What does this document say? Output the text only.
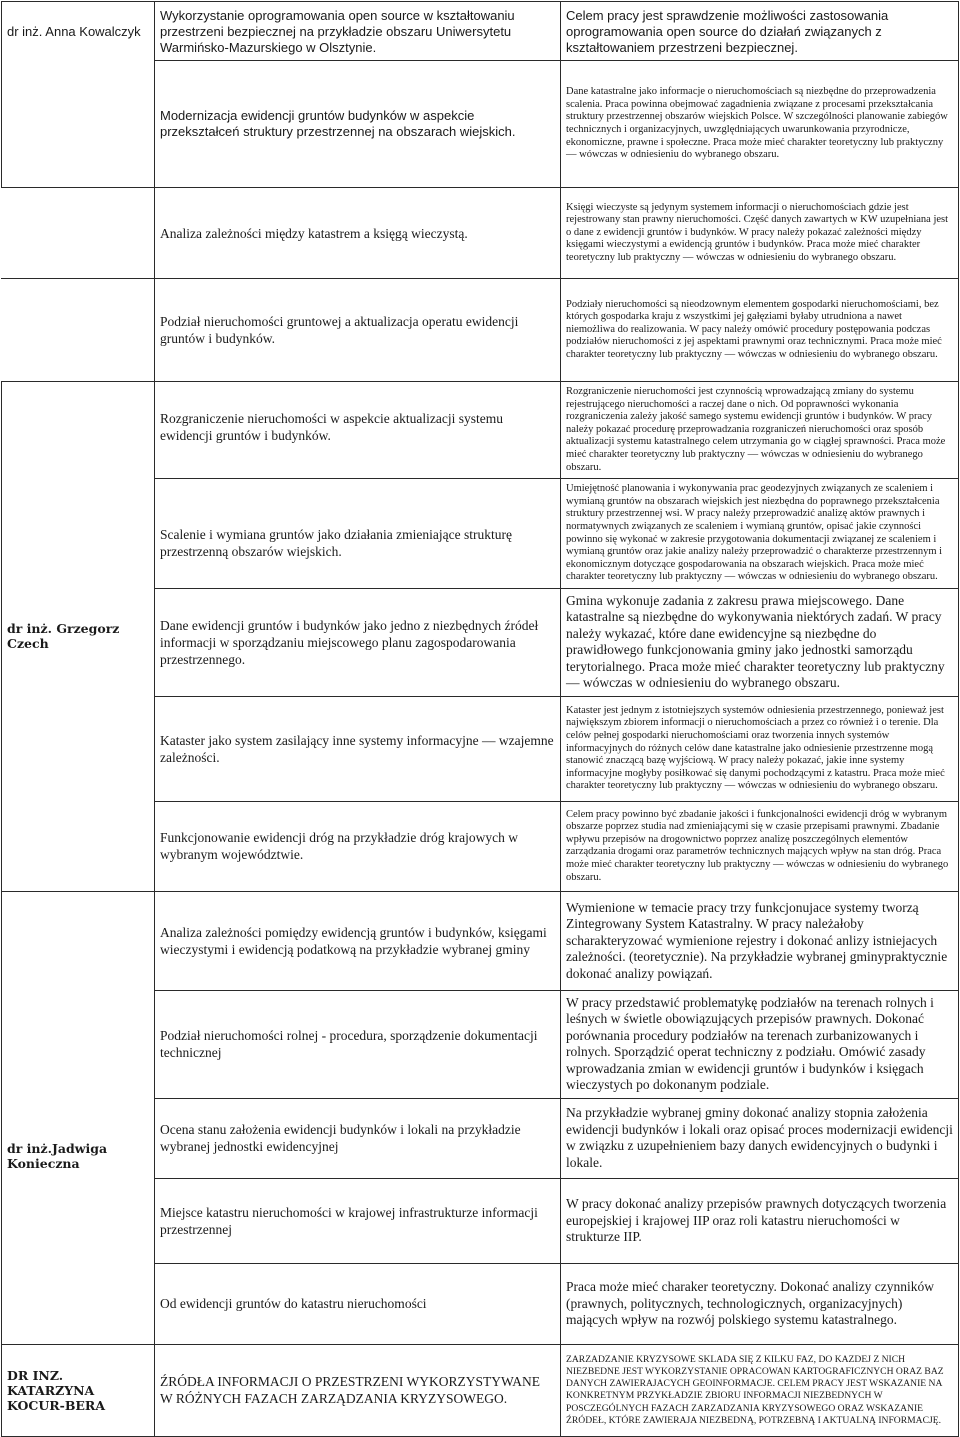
dr inż. Anna Kowalczyk	Wykorzystanie oprogramowania open source w kształtowaniu przestrzeni bezpiecznej na przykładzie obszaru Uniwersytetu Warmińsko-Mazurskiego w Olsztynie.	Celem pracy jest sprawdzenie możliwości zastosowania oprogramowania open source do działań związanych z kształtowaniem przestrzeni bezpiecznej.
	Modernizacja ewidencji gruntów budynków w aspekcie przekształceń struktury przestrzennej na obszarach wiejskich.	Dane katastralne jako informacje o nieruchomościach są niezbędne do przeprowadzenia scalenia. Praca powinna obejmować zagadnienia związane z procesami przekształcania struktury przestrzennej obszarów wiejskich Polsce. W szczególności planowanie zabiegów technicznych i organizacyjnych, uwzględniających uwarunkowania przyrodnicze, ekonomiczne, prawne i społeczne. Praca może mieć charakter teoretyczny lub praktyczny — wówczas w odniesieniu do wybranego obszaru.
	Analiza zależności między katastrem a księgą wieczystą.	Księgi wieczyste są jedynym systemem informacji o nieruchomościach gdzie jest rejestrowany stan prawny nieruchomości. Część danych zawartych w KW uzupełniana jest o dane z ewidencji gruntów i budynków. W pracy należy pokazać zależności między księgami wieczystymi a ewidencją gruntów i budynków. Praca może mieć charakter teoretyczny lub praktyczny — wówczas w odniesieniu do wybranego obszaru.
	Podział nieruchomości gruntowej a aktualizacja operatu ewidencji gruntów i budynków.	Podziały nieruchomości są nieodzownym elementem gospodarki nieruchomościami, bez których gospodarka kraju z wszystkimi jej gałęziami byłaby utrudniona a nawet niemożliwa do realizowania. W pacy należy omówić procedury postępowania podczas podziałów nieruchomości z jej aspektami prawnymi oraz technicznymi. Praca może mieć charakter teoretyczny lub praktyczny — wówczas w odniesieniu do wybranego obszaru.
dr inż. Grzegorz Czech	Rozgraniczenie nieruchomości w aspekcie aktualizacji systemu ewidencji gruntów i budynków.	Rozgraniczenie nieruchomości jest czynnością wprowadzającą zmiany do systemu rejestrującego nieruchomości a raczej dane o nich. Od poprawności wykonania rozgraniczenia zależy jakość samego systemu ewidencji gruntów i budynków. W pracy należy pokazać procedurę przeprowadzania rozgraniczeń nieruchomości oraz sposób aktualizacji systemu katastralnego celem utrzymania go w ciągłej sprawności. Praca może mieć charakter teoretyczny lub praktyczny — wówczas w odniesieniu do wybranego obszaru.
	Scalenie i wymiana gruntów jako działania zmieniające strukturę przestrzenną obszarów wiejskich.	Umiejętność planowania i wykonywania prac geodezyjnych związanych ze scaleniem i wymianą gruntów na obszarach wiejskich jest niezbędna do poprawnego przekształcenia struktury przestrzennej wsi. W pracy należy przeprowadzić analizę aktów prawnych i normatywnych związanych ze scaleniem i wymianą gruntów, opisać jakie czynności powinno się wykonać w zakresie przygotowania dokumentacji związanej ze scaleniem i wymianą gruntów oraz jakie analizy należy przeprowadzić o charakterze przestrzennym i ekonomicznym dotyczące gospodarowania na obszarach wiejskich. Praca może mieć charakter teoretyczny lub praktyczny — wówczas w odniesieniu do wybranego obszaru.
	Dane ewidencji gruntów i budynków jako jedno z niezbędnych źródeł informacji w sporządzaniu miejscowego planu zagospodarowania przestrzennego.	Gmina wykonuje zadania z zakresu prawa miejscowego. Dane katastralne są niezbędne do wykonywania niektórych zadań. W pracy należy wykazać, które dane ewidencyjne są niezbędne do prawidłowego funkcjonowania gminy jako jednostki samorządu terytorialnego. Praca może mieć charakter teoretyczny lub praktyczny — wówczas w odniesieniu do wybranego obszaru.
	Kataster jako system zasilający inne systemy informacyjne — wzajemne zależności.	Kataster jest jednym z istotniejszych systemów odniesienia przestrzennego, ponieważ jest największym zbiorem informacji o nieruchomościach a przez co również i o terenie. Dla celów pełnej gospodarki nieruchomościami oraz tworzenia innych systemów informacyjnych do różnych celów dane katastralne jako odniesienie przestrzenne mogą stanowić znaczącą bazę wyjściową. W pracy należy pokazać, jakie inne systemy informacyjne mogłyby posiłkować się danymi pochodzącymi z katastru. Praca może mieć charakter teoretyczny lub praktyczny — wówczas w odniesieniu do wybranego obszaru.
	Funkcjonowanie ewidencji dróg na przykładzie dróg krajowych w wybranym województwie.	Celem pracy powinno być zbadanie jakości i funkcjonalności ewidencji dróg w wybranym obszarze poprzez studia nad zmieniającymi się w czasie przepisami prawnymi. Zbadanie wpływu przepisów na drogownictwo poprzez analizę poszczególnych elementów zarządzania drogami oraz parametrów technicznych mających wpływ na stan dróg. Praca może mieć charakter teoretyczny lub praktyczny — wówczas w odniesieniu do wybranego obszaru.
dr inż.Jadwiga Konieczna	Analiza zależności pomiędzy ewidencją gruntów i budynków, księgami wieczystymi i ewidencją podatkową na przykładzie wybranej gminy	Wymienione w temacie pracy trzy funkcjonujace systemy tworzą Zintegrowany System Katastralny. W pracy należałoby scharakteryzować wymienione rejestry i dokonać anlizy istniejacych zależności. (teoretycznie). Na przykładzie wybranej gminypraktycznie dokonać analizy powiązań.
	Podział nieruchomości rolnej - procedura, sporządzenie dokumentacji technicznej	W pracy przedstawić problematykę podziałów na terenach rolnych i leśnych w świetle obowiązujących przepisów prawnych. Dokonać porównania procedury podziałów na terenach zurbanizowanych i rolnych. Sporządzić operat techniczny z podziału. Omówić zasady wprowadzania zmian w ewidencji gruntów i budynków i księgach wieczystych po dokonanym podziale.
	Ocena stanu założenia ewidencji budynków i lokali na przykładzie wybranej jednostki ewidencyjnej	Na przykładzie wybranej gminy dokonać analizy stopnia założenia ewidencji budynków i lokali oraz opisać proces modernizacji ewidencji w związku z uzupełnieniem bazy danych ewidencyjnych o budynki i lokale.
	Miejsce katastru nieruchomości w krajowej infrastrukturze informacji przestrzennej	W pracy dokonać analizy przepisów prawnych dotyczących tworzenia europejskiej i krajowej IIP oraz roli katastru nieruchomości w strukturze IIP.
	Od ewidencji gruntów do katastru nieruchomości	Praca może mieć charaker teoretyczny. Dokonać analizy czynników (prawnych, politycznych, technologicznych, organizacyjnych) mających wpływ na rozwój polskiego systemu katastralnego.
DR INZ. KATARZYNA KOCUR-BERA	ŹRÓDŁA INFORMACJI O PRZESTRZENI WYKORZYSTYWANE W RÓŻNYCH FAZACH ZARZĄDZANIA KRYZYSOWEGO.	ZARZADZANIE KRYZYSOWE SKLADA SIĘ Z KILKU FAZ, DO KAZDEJ Z NICH NIEZBEDNE JEST WYKORZYSTANIE OPRACOWAN KARTOGRAFICZNYCH ORAZ BAZ DANYCH ZAWIERAJACYCH GEOINFORMACJE. CELEM PRACY JEST WSKAZANIE NA KONKRETNYM PRZYKŁADZIE ZBIORU INFORMACJI NIEZBEDNYCH W POSCZEGÓLNYCH FAZACH ZARZADZANIA KRYZYSOWEGO ORAZ WSKAZANIE ŹRÓDEŁ, KTÓRE ZAWIERAJA NIEZBEDNĄ, POTRZEBNĄ I AKTUALNĄ INFORMACJĘ.
